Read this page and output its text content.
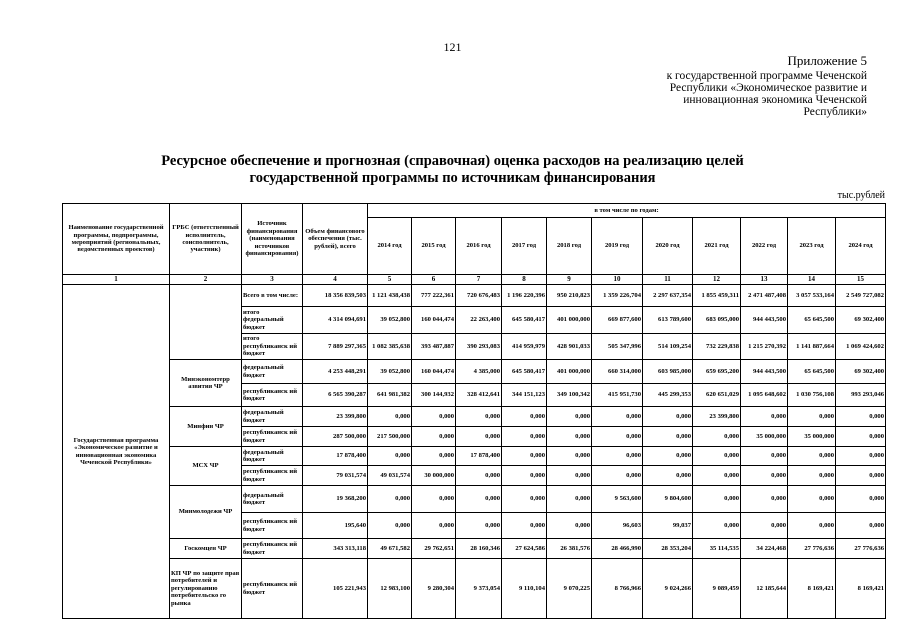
121
Приложение 5
к государственной программе Чеченской Республики «Экономическое развитие и инновационная экономика Чеченской Республики»
Ресурсное обеспечение и прогнозная (справочная) оценка расходов на реализацию целей государственной программы по источникам финансирования
тыс.рублей
Наименование государственной программы, подпрограммы, мероприятий (региональных, ведомственных проектов)	ГРБС (ответственный исполнитель, соисполнитель, участник)	Источник финансирования (наименования источников финансирования)	Объем финансового обеспечения (тыс. рублей), всего	в том числе по годам:										
				2014 год	2015 год	2016 год	2017 год	2018 год	2019 год	2020 год	2021 год	2022 год	2023 год	2024 год
1	2	3	4	5	6	7	8	9	10	11	12	13	14	15
Государственная программа «Экономическое развитие и инновационная экономика Чеченской Республики»		Всего в том числе:	18 356 839,503	1 121 438,438	777 222,361	720 676,483	1 196 220,396	950 210,823	1 359 226,704	2 297 637,354	1 855 459,311	2 471 487,408	3 057 533,164	2 549 727,082
		итого федеральный бюджет	4 314 094,691	39 052,800	160 044,474	22 263,400	645 580,417	401 000,000	669 877,600	613 789,600	683 095,000	944 443,500	65 645,500	69 302,400
		итого республиканск ий бюджет	7 889 297,365	1 082 385,638	393 487,887	390 293,083	414 959,979	428 901,033	505 347,996	514 109,254	732 229,838	1 215 270,392	1 141 887,664	1 069 424,602
	Минэкономтерр азвития ЧР	федеральный бюджет	4 253 448,291	39 052,800	160 044,474	4 385,000	645 580,417	401 000,000	660 314,000	603 985,000	659 695,200	944 443,500	65 645,500	69 302,400
		республиканск ий бюджет	6 565 390,287	641 981,382	300 144,932	328 412,641	344 151,123	349 100,342	415 951,730	445 299,353	620 651,029	1 095 648,602	1 030 756,108	993 293,046
	Минфин ЧР	федеральный бюджет	23 399,800	0,000	0,000	0,000	0,000	0,000	0,000	0,000	23 399,800	0,000	0,000	0,000
		республиканск ий бюджет	287 500,000	217 500,000	0,000	0,000	0,000	0,000	0,000	0,000	0,000	35 000,000	35 000,000	0,000
	МСХ ЧР	федеральный бюджет	17 878,400	0,000	0,000	17 878,400	0,000	0,000	0,000	0,000	0,000	0,000	0,000	0,000
		республиканск ий бюджет	79 031,574	49 031,574	30 000,000	0,000	0,000	0,000	0,000	0,000	0,000	0,000	0,000	0,000
	Минмолодежи ЧР	федеральный бюджет	19 368,200	0,000	0,000	0,000	0,000	0,000	9 563,600	9 804,600	0,000	0,000	0,000	0,000
		республиканск ий бюджет	195,640	0,000	0,000	0,000	0,000	0,000	96,603	99,037	0,000	0,000	0,000	0,000
	Госкомцен ЧР	республиканск ий бюджет	343 313,118	49 671,582	29 762,651	28 160,346	27 624,586	26 381,576	28 466,990	28 353,204	35 114,535	34 224,468	27 776,636	27 776,636
	КП ЧР по защите прав потребителей и регулированию потребительско го рынка	республиканск ий бюджет	105 221,943	12 983,100	9 280,304	9 373,054	9 110,104	9 070,225	8 766,966	9 024,266	9 089,459	12 185,644	8 169,421	8 169,421
